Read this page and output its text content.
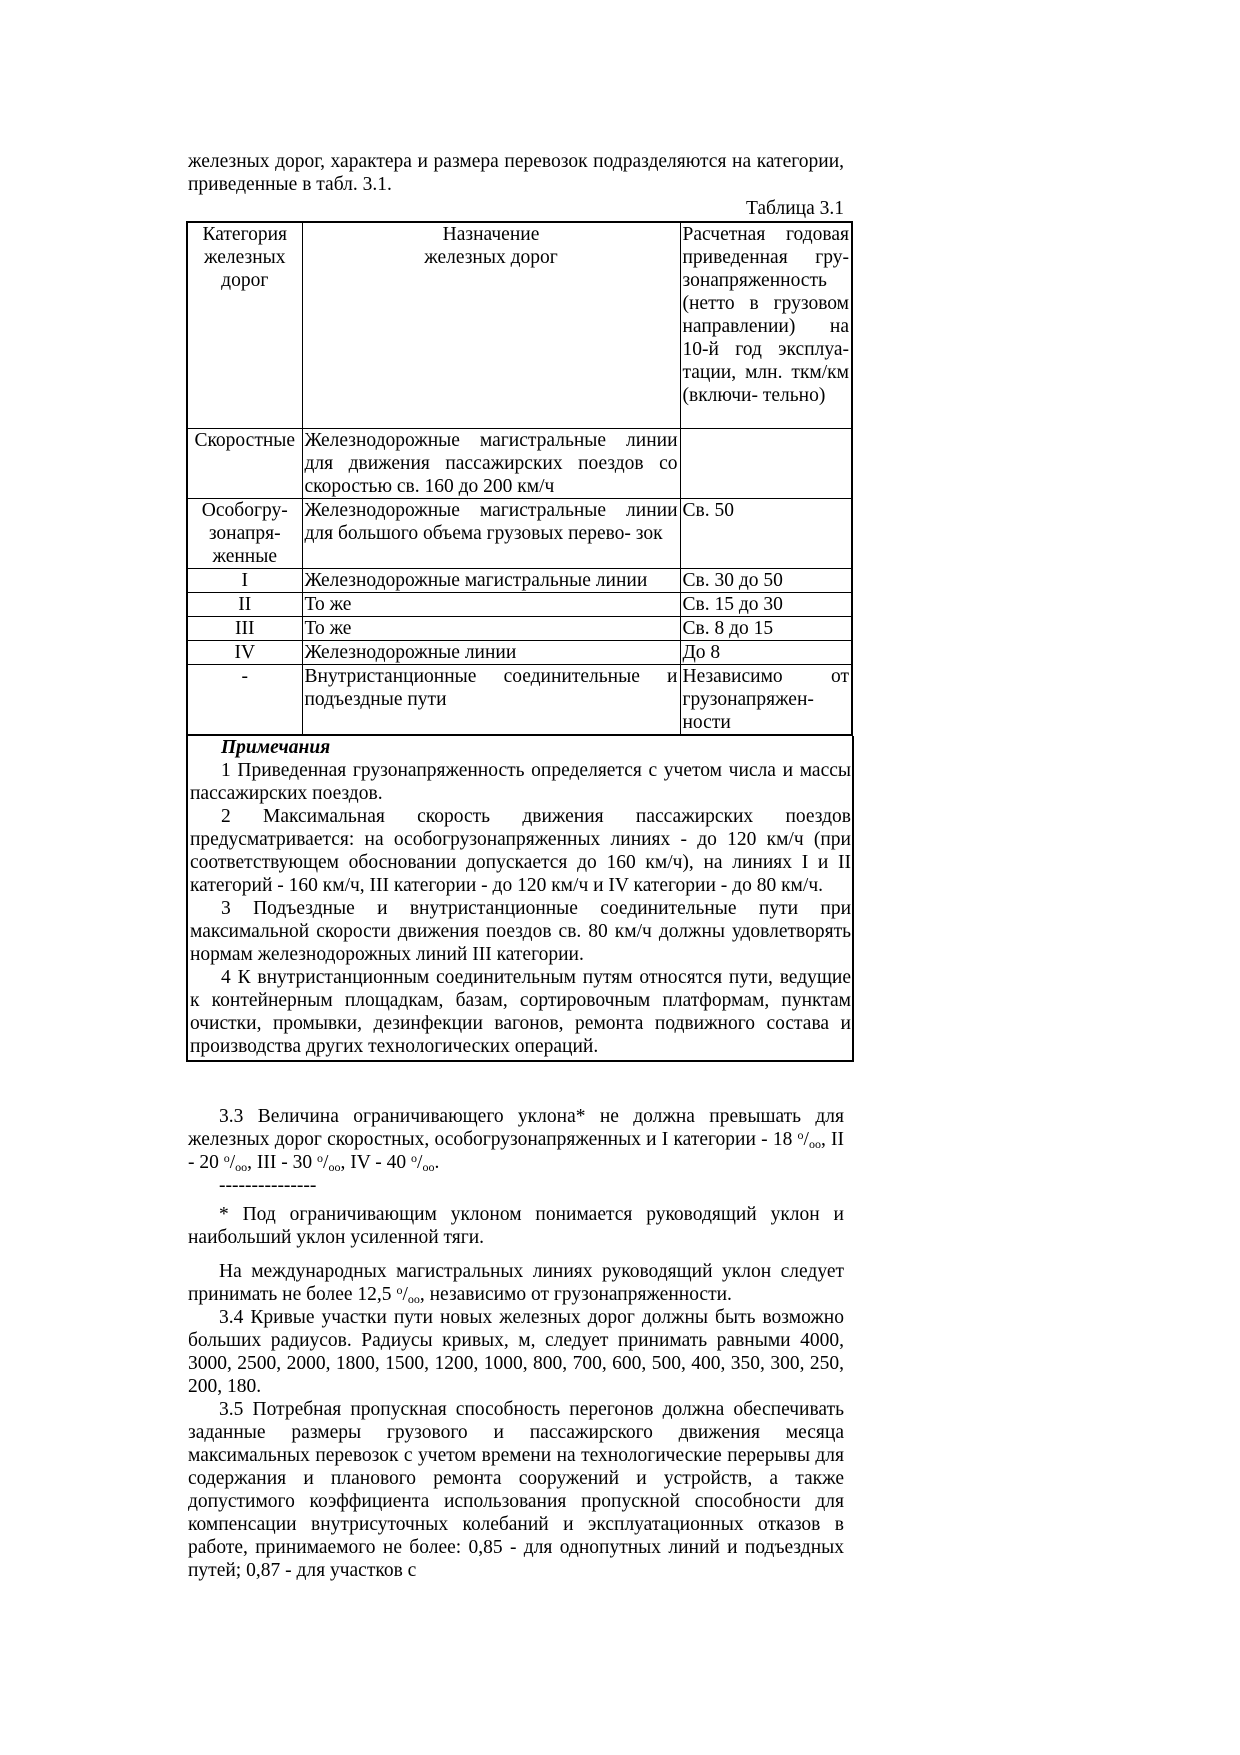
железных дорог, характера и размера перевозок подразделяются на категории, приведенные в табл. 3.1.

Таблица 3.1

Категория железных дорог	Назначение железных дорог	Расчетная годовая приведенная гру- зонапряженность (нетто в грузовом направлении) на 10-й год эксплуа- тации, млн. ткм/км (включи- тельно)
Скоростные	Железнодорожные магистральные линии для движения пассажирских поездов со скоростью св. 160 до 200 км/ч	
Особогру- зонапря- женные	Железнодорожные магистральные линии для большого объема грузовых перево- зок	Св. 50
I	Железнодорожные магистральные линии	Св. 30 до 50
II	То же	Св. 15 до 30
III	То же	Св. 8 до 15
IV	Железнодорожные линии	До 8
-	Внутристанционные соединительные и подъездные пути	Независимо от грузонапряжен- ности

Примечания

1 Приведенная грузонапряженность определяется с учетом числа и массы пассажирских поездов.

2 Максимальная скорость движения пассажирских поездов предусматривается: на особогрузонапряженных линиях - до 120 км/ч (при соответствующем обосновании допускается до 160 км/ч), на линиях I и II категорий - 160 км/ч, III категории - до 120 км/ч и IV категории - до 80 км/ч.

3 Подъездные и внутристанционные соединительные пути при максимальной скорости движения поездов св. 80 км/ч должны удовлетворять нормам железнодорожных линий III категории.

4 К внутристанционным соединительным путям относятся пути, ведущие к контейнерным площадкам, базам, сортировочным платформам, пунктам очистки, промывки, дезинфекции вагонов, ремонта подвижного состава и производства других технологических операций.

3.3 Величина ограничивающего уклона* не должна превышать для железных дорог скоростных, особогрузонапряженных и I категории - 18 $^о/_{оо}$, II - 20 $^о/_{оо}$, III - 30 $^о/_{оо}$, IV - 40 $^о/_{оо}$.

---------------

* Под ограничивающим уклоном понимается руководящий уклон и наибольший уклон усиленной тяги.

На международных магистральных линиях руководящий уклон следует принимать не более 12,5 $^о/_{оо}$, независимо от грузонапряженности.

3.4 Кривые участки пути новых железных дорог должны быть возможно больших радиусов. Радиусы кривых, м, следует принимать равными 4000, 3000, 2500, 2000, 1800, 1500, 1200, 1000, 800, 700, 600, 500, 400, 350, 300, 250, 200, 180.

3.5 Потребная пропускная способность перегонов должна обеспечивать заданные размеры грузового и пассажирского движения месяца максимальных перевозок с учетом времени на технологические перерывы для содержания и планового ремонта сооружений и устройств, а также допустимого коэффициента использования пропускной способности для компенсации внутрисуточных колебаний и эксплуатационных отказов в работе, принимаемого не более: 0,85 - для однопутных линий и подъездных путей; 0,87 - для участков с
